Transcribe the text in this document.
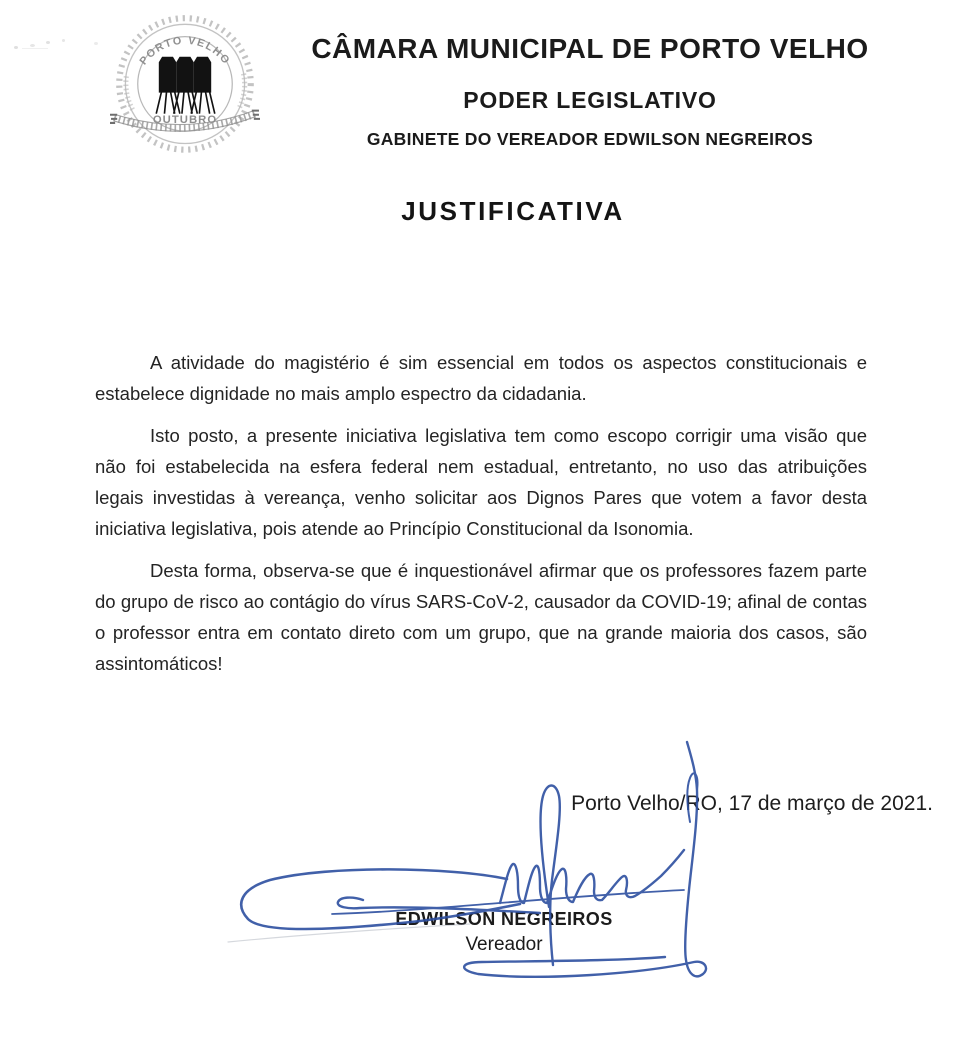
PORTO VELHO
OUTUBRO
CÂMARA MUNICIPAL DE PORTO VELHO
PODER LEGISLATIVO
GABINETE DO VEREADOR EDWILSON NEGREIROS
JUSTIFICATIVA
A atividade do magistério é sim essencial em todos os aspectos constitucionais e
estabelece dignidade no mais amplo espectro da cidadania.
Isto posto, a presente iniciativa legislativa tem como escopo corrigir uma visão que
não foi estabelecida na esfera federal nem estadual, entretanto, no uso das atribuições
legais investidas à vereança, venho solicitar aos Dignos Pares que votem a favor desta
iniciativa legislativa, pois atende ao Princípio Constitucional da Isonomia.
Desta forma, observa-se que é inquestionável afirmar que os professores fazem parte
do grupo de risco ao contágio do vírus SARS-CoV-2, causador da COVID-19; afinal de contas
o professor entra em contato direto com um grupo, que na grande maioria dos casos, são
assintomáticos!
Porto Velho/RO, 17 de março de 2021.
EDWILSON NEGREIROS
Vereador
